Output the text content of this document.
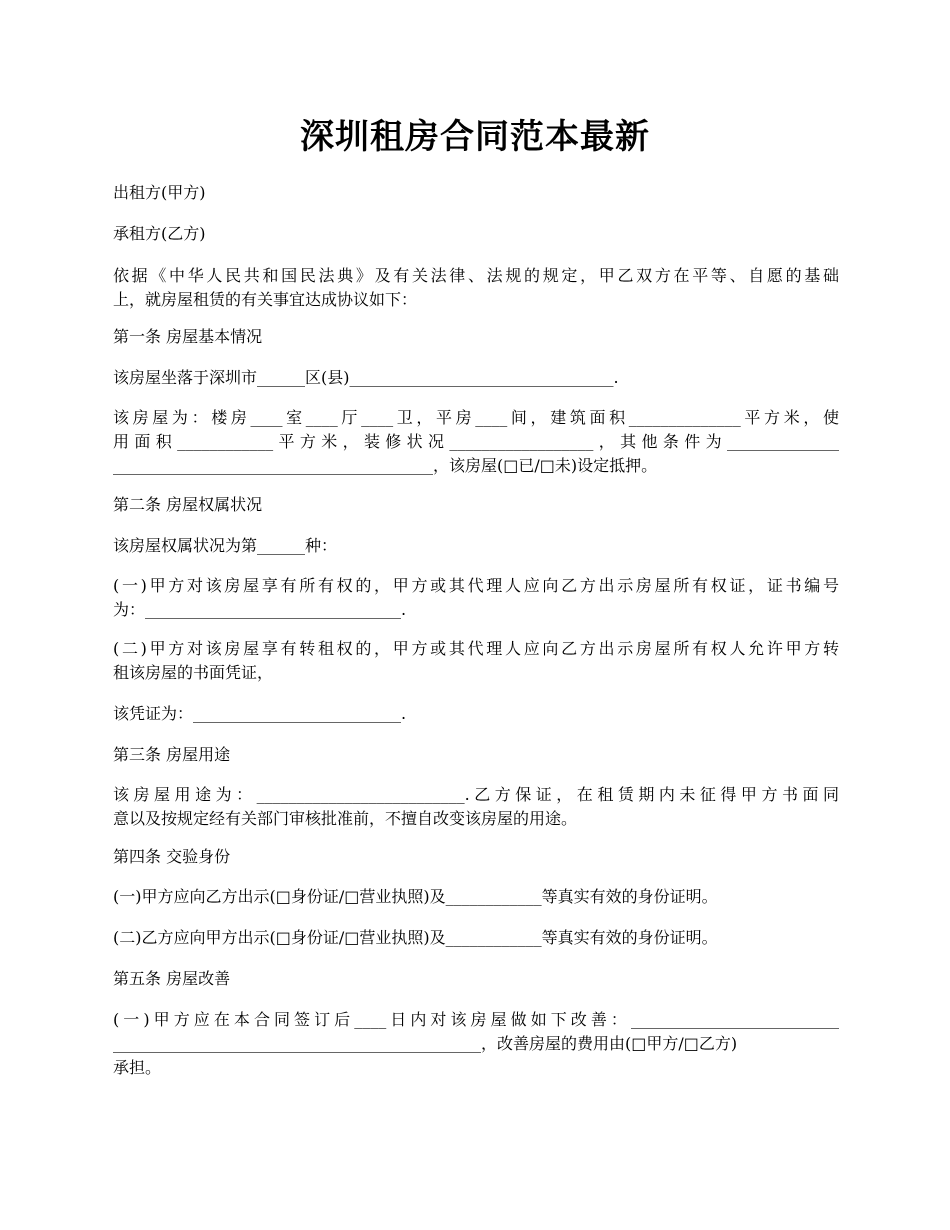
深圳租房合同范本最新
出租方(甲方)
承租方(乙方)
依据《中华人民共和国民法典》及有关法律、法规的规定，甲乙双方在平等、自愿的基础
上，就房屋租赁的有关事宜达成协议如下：
第一条 房屋基本情况
该房屋坐落于深圳市______区(县)_________________________________.
该房屋为：楼房____室____厅____卫，平房____间，建筑面积______________平方米，使
用面积____________平方米，装修状况__________________，其他条件为______________
________________________________________，该房屋(□已/□未)设定抵押。
第二条 房屋权属状况
该房屋权属状况为第______种：
(一)甲方对该房屋享有所有权的，甲方或其代理人应向乙方出示房屋所有权证，证书编号
为：________________________________.
(二)甲方对该房屋享有转租权的，甲方或其代理人应向乙方出示房屋所有权人允许甲方转
租该房屋的书面凭证，
该凭证为：__________________________.
第三条 房屋用途
该房屋用途为：__________________________.乙方保证，在租赁期内未征得甲方书面同
意以及按规定经有关部门审核批准前，不擅自改变该房屋的用途。
第四条 交验身份
(一)甲方应向乙方出示(□身份证/□营业执照)及____________等真实有效的身份证明。
(二)乙方应向甲方出示(□身份证/□营业执照)及____________等真实有效的身份证明。
第五条 房屋改善
(一)甲方应在本合同签订后____日内对该房屋做如下改善：__________________________
______________________________________________，改善房屋的费用由(□甲方/□乙方)
承担。
